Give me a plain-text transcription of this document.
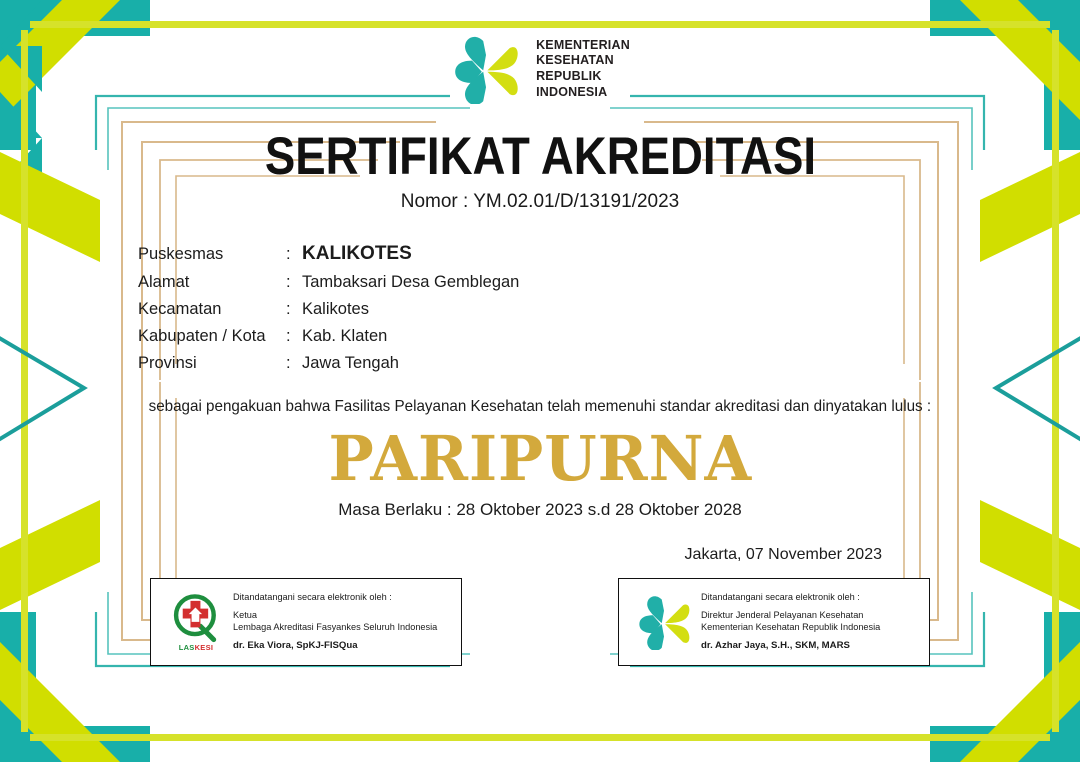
KEMENTERIAN
KESEHATAN
REPUBLIK
INDONESIA
SERTIFIKAT AKREDITASI
Nomor : YM.02.01/D/13191/2023
Puskesmas	: KALIKOTES
Alamat	: Tambaksari Desa Gemblegan
Kecamatan	: Kalikotes
Kabupaten / Kota	: Kab. Klaten
Provinsi	: Jawa Tengah
sebagai pengakuan bahwa Fasilitas Pelayanan Kesehatan telah memenuhi standar akreditasi dan dinyatakan lulus :
PARIPURNA
Masa Berlaku : 28 Oktober 2023 s.d 28 Oktober 2028
Jakarta, 07 November 2023
LASKESI
Ditandatangani secara elektronik oleh :
Ketua
Lembaga Akreditasi Fasyankes Seluruh Indonesia
dr. Eka Viora, SpKJ-FISQua
Ditandatangani secara elektronik oleh :
Direktur Jenderal Pelayanan Kesehatan
Kementerian Kesehatan Republik Indonesia
dr. Azhar Jaya, S.H., SKM, MARS
